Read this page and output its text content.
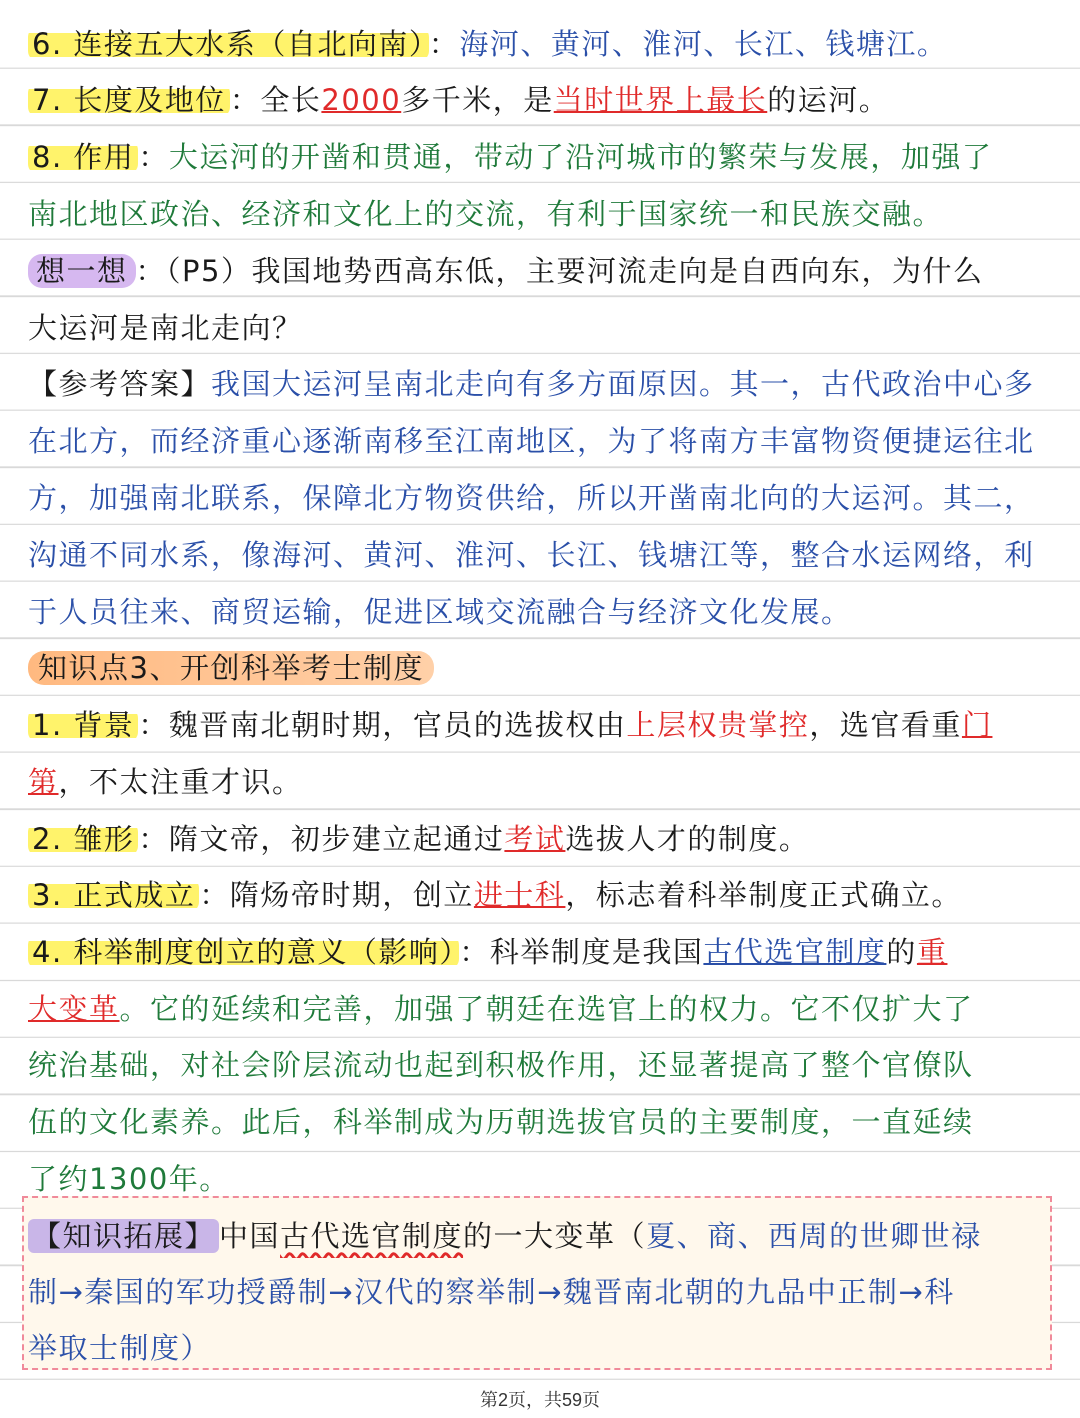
6. 连接五大水系（自北向南） ：海河、黄河、淮河、长江、钱塘江。
7. 长度及地位 ：全长2000多千米，是当时世界上最长的运河。
8. 作用 ：大运河的开凿和贯通，带动了沿河城市的繁荣与发展，加强了
南北地区政治、经济和文化上的交流，有利于国家统一和民族交融。
想一想 ：（P5）我国地势西高东低，主要河流走向是自西向东，为什么
大运河是南北走向？
【参考答案】我国大运河呈南北走向有多方面原因。其一，古代政治中心多
在北方，而经济重心逐渐南移至江南地区，为了将南方丰富物资便捷运往北
方，加强南北联系，保障北方物资供给，所以开凿南北向的大运河。其二，
沟通不同水系，像海河、黄河、淮河、长江、钱塘江等，整合水运网络，利
于人员往来、商贸运输，促进区域交流融合与经济文化发展。
知识点3、开创科举考士制度
1. 背景 ：魏晋南北朝时期，官员的选拔权由上层权贵掌控，选官看重门
第，不太注重才识。
2. 雏形 ：隋文帝，初步建立起通过考试选拔人才的制度。
3. 正式成立 ：隋炀帝时期，创立进士科，标志着科举制度正式确立。
4. 科举制度创立的意义（影响） ：科举制度是我国古代选官制度的重
大变革。它的延续和完善，加强了朝廷在选官上的权力。它不仅扩大了
统治基础，对社会阶层流动也起到积极作用，还显著提高了整个官僚队
伍的文化素养。此后，科举制成为历朝选拔官员的主要制度，一直延续
了约1300年。
【知识拓展】 中国古代选官制度的一大变革（夏、商、西周的世卿世禄
制→秦国的军功授爵制→汉代的察举制→魏晋南北朝的九品中正制→科
举取士制度）
第2页，共59页
